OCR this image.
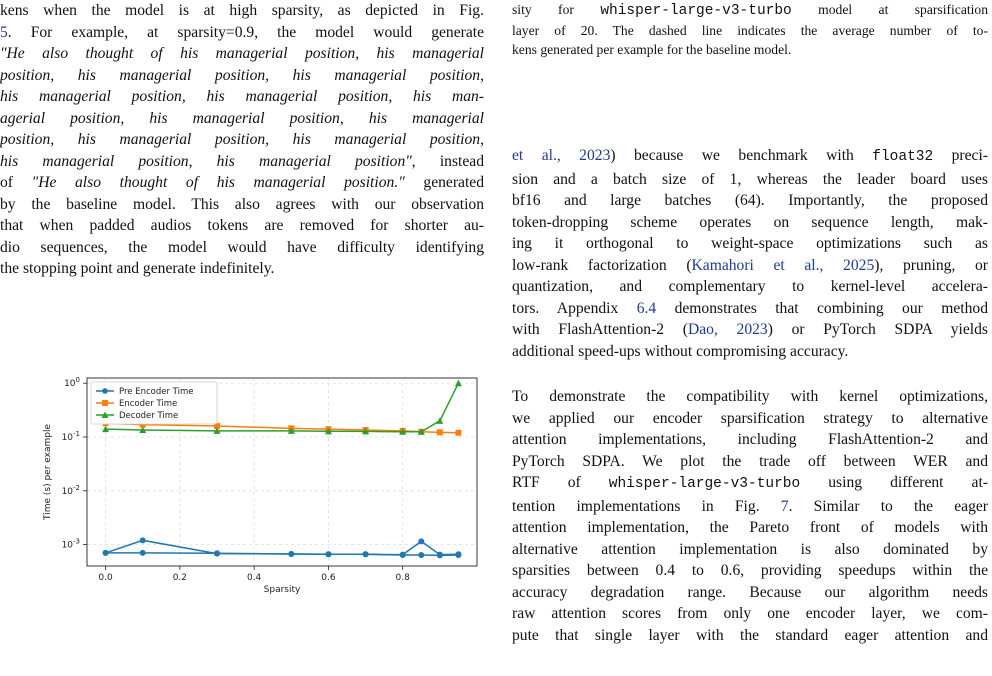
kens when the model is at high sparsity, as depicted in Fig.
5. For example, at sparsity=0.9, the model would generate
"He also thought of his managerial position, his managerial
position, his managerial position, his managerial position,
his managerial position, his managerial position, his man-
agerial position, his managerial position, his managerial
position, his managerial position, his managerial position,
his managerial position, his managerial position", instead
of "He also thought of his managerial position." generated
by the baseline model. This also agrees with our observation
that when padded audios tokens are removed for shorter au-
dio sequences, the model would have difficulty identifying
the stopping point and generate indefinitely.
0.0	0.2	0.4	0.6	0.8
$10^{-3}$
$10^{-2}$
$10^{-1}$
$10^0$
Sparsity
Time (s) per example
Pre Encoder Time
Encoder Time
Decoder Time
sity for whisper-large-v3-turbo model at sparsification
layer of 20. The dashed line indicates the average number of to-
kens generated per example for the baseline model.
et al., 2023) because we benchmark with float32 preci-
sion and a batch size of 1, whereas the leader board uses
bf16 and large batches (64). Importantly, the proposed
token-dropping scheme operates on sequence length, mak-
ing it orthogonal to weight-space optimizations such as
low-rank factorization (Kamahori et al., 2025), pruning, or
quantization, and complementary to kernel-level accelera-
tors. Appendix 6.4 demonstrates that combining our method
with FlashAttention-2 (Dao, 2023) or PyTorch SDPA yields
additional speed-ups without compromising accuracy.
To demonstrate the compatibility with kernel optimizations,
we applied our encoder sparsification strategy to alternative
attention implementations, including FlashAttention-2 and
PyTorch SDPA. We plot the trade off between WER and
RTF of whisper-large-v3-turbo using different at-
tention implementations in Fig. 7. Similar to the eager
attention implementation, the Pareto front of models with
alternative attention implementation is also dominated by
sparsities between 0.4 to 0.6, providing speedups within the
accuracy degradation range. Because our algorithm needs
raw attention scores from only one encoder layer, we com-
pute that single layer with the standard eager attention and
